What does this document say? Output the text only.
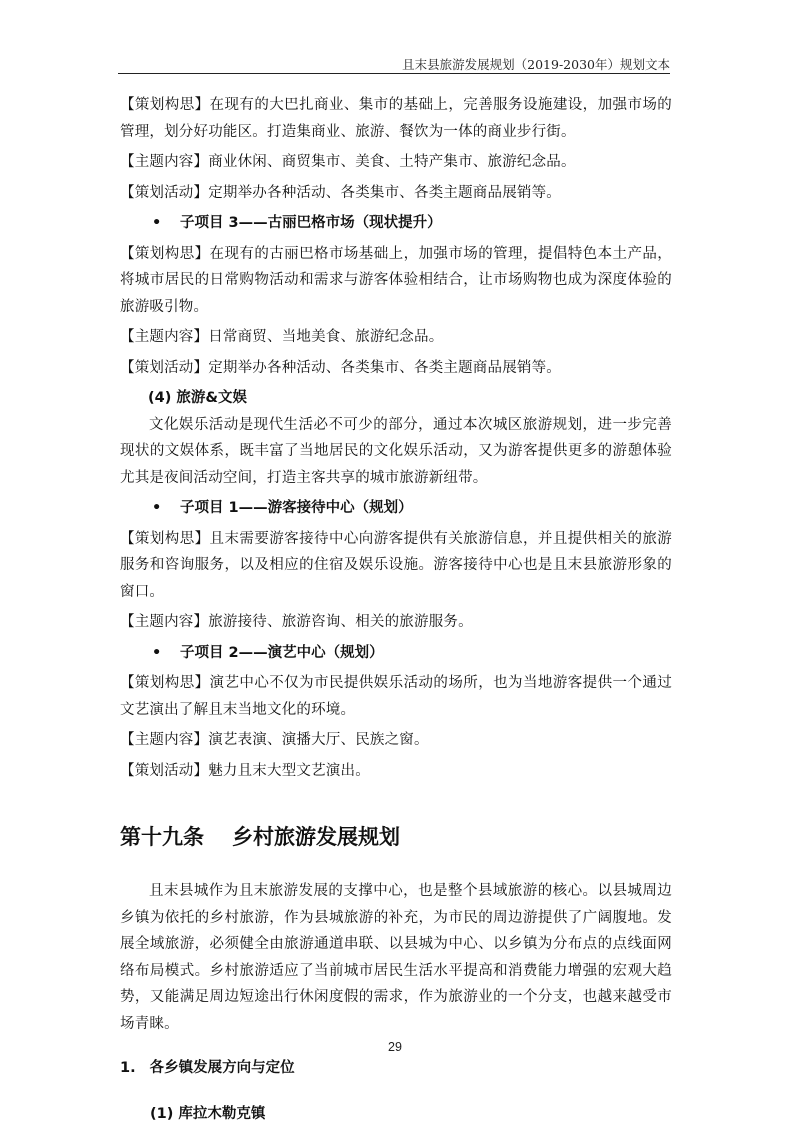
且末县旅游发展规划（2019-2030年）规划文本

【策划构思】在现有的大巴扎商业、集市的基础上，完善服务设施建设，加强市场的管理，划分好功能区。打造集商业、旅游、餐饮为一体的商业步行街。

【主题内容】商业休闲、商贸集市、美食、土特产集市、旅游纪念品。

【策划活动】定期举办各种活动、各类集市、各类主题商品展销等。

• 子项目 3——古丽巴格市场（现状提升）

【策划构思】在现有的古丽巴格市场基础上，加强市场的管理，提倡特色本土产品，将城市居民的日常购物活动和需求与游客体验相结合，让市场购物也成为深度体验的旅游吸引物。

【主题内容】日常商贸、当地美食、旅游纪念品。

【策划活动】定期举办各种活动、各类集市、各类主题商品展销等。

(4) 旅游&文娱

文化娱乐活动是现代生活必不可少的部分，通过本次城区旅游规划，进一步完善现状的文娱体系，既丰富了当地居民的文化娱乐活动，又为游客提供更多的游憩体验尤其是夜间活动空间，打造主客共享的城市旅游新纽带。

• 子项目 1——游客接待中心（规划）

【策划构思】且末需要游客接待中心向游客提供有关旅游信息，并且提供相关的旅游服务和咨询服务，以及相应的住宿及娱乐设施。游客接待中心也是且末县旅游形象的窗口。

【主题内容】旅游接待、旅游咨询、相关的旅游服务。

• 子项目 2——演艺中心（规划）

【策划构思】演艺中心不仅为市民提供娱乐活动的场所，也为当地游客提供一个通过文艺演出了解且末当地文化的环境。

【主题内容】演艺表演、演播大厅、民族之窗。

【策划活动】魅力且末大型文艺演出。

第十九条 乡村旅游发展规划

且末县城作为且末旅游发展的支撑中心，也是整个县域旅游的核心。以县城周边乡镇为依托的乡村旅游，作为县城旅游的补充，为市民的周边游提供了广阔腹地。发展全域旅游，必须健全由旅游通道串联、以县城为中心、以乡镇为分布点的点线面网络布局模式。乡村旅游适应了当前城市居民生活水平提高和消费能力增强的宏观大趋势，又能满足周边短途出行休闲度假的需求，作为旅游业的一个分支，也越来越受市场青睐。

1. 各乡镇发展方向与定位
(1) 库拉木勒克镇
29
